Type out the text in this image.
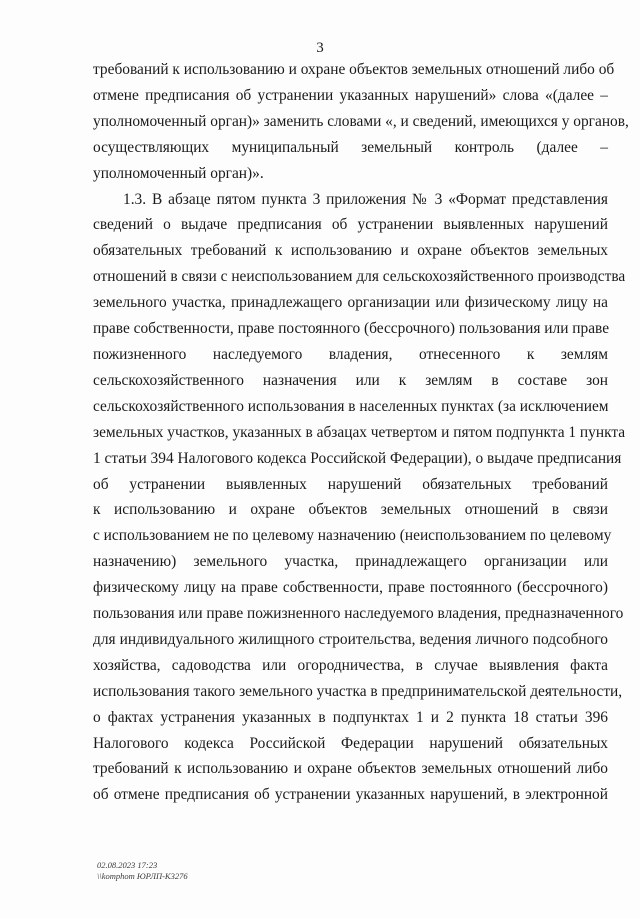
3
требований к использованию и охране объектов земельных отношений либо об
отмене предписания об устранении указанных нарушений» слова «(далее –
уполномоченный орган)» заменить словами «, и сведений, имеющихся у органов,
осуществляющих муниципальный земельный контроль (далее –
уполномоченный орган)».
1.3. В абзаце пятом пункта 3 приложения № 3 «Формат представления
сведений о выдаче предписания об устранении выявленных нарушений
обязательных требований к использованию и охране объектов земельных
отношений в связи с неиспользованием для сельскохозяйственного производства
земельного участка, принадлежащего организации или физическому лицу на
праве собственности, праве постоянного (бессрочного) пользования или праве
пожизненного наследуемого владения, отнесенного к землям
сельскохозяйственного назначения или к землям в составе зон
сельскохозяйственного использования в населенных пунктах (за исключением
земельных участков, указанных в абзацах четвертом и пятом подпункта 1 пункта
1 статьи 394 Налогового кодекса Российской Федерации), о выдаче предписания
об устранении выявленных нарушений обязательных требований
к использованию и охране объектов земельных отношений в связи
с использованием не по целевому назначению (неиспользованием по целевому
назначению) земельного участка, принадлежащего организации или
физическому лицу на праве собственности, праве постоянного (бессрочного)
пользования или праве пожизненного наследуемого владения, предназначенного
для индивидуального жилищного строительства, ведения личного подсобного
хозяйства, садоводства или огородничества, в случае выявления факта
использования такого земельного участка в предпринимательской деятельности,
о фактах устранения указанных в подпунктах 1 и 2 пункта 18 статьи 396
Налогового кодекса Российской Федерации нарушений обязательных
требований к использованию и охране объектов земельных отношений либо
об отмене предписания об устранении указанных нарушений, в электронной
02.08.2023 17:23
\\komphom ЮРЛП-К3276
